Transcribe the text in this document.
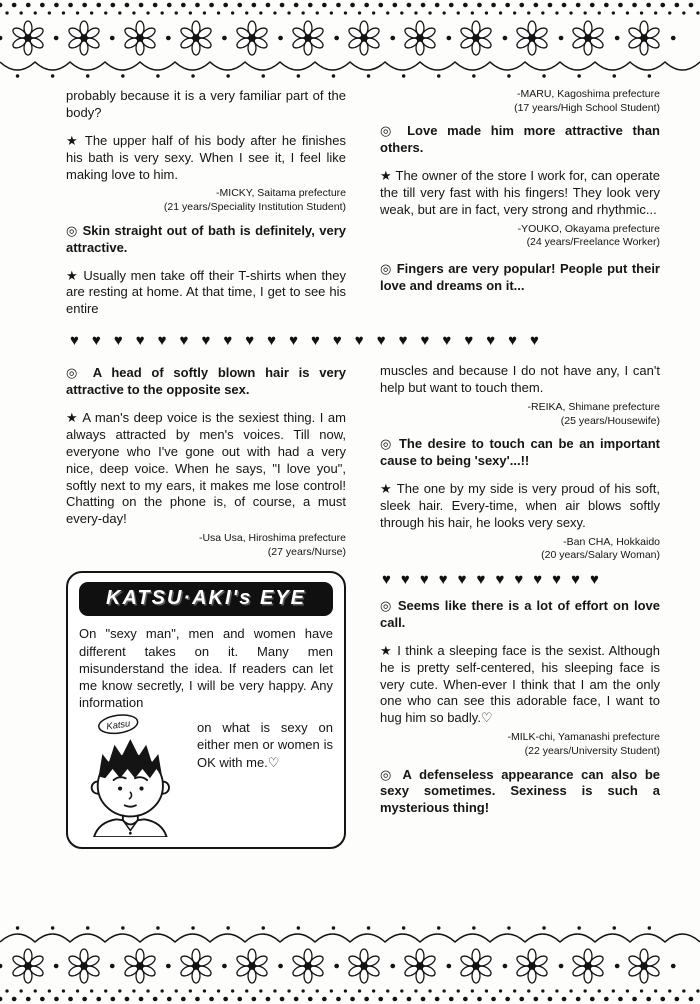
probably because it is a very familiar part of the body?

★ The upper half of his body after he finishes his bath is very sexy. When I see it, I feel like making love to him.

-MICKY, Saitama prefecture

(21 years/Speciality Institution Student)

◎ Skin straight out of bath is definitely, very attractive.

★ Usually men take off their T-shirts when they are resting at home. At that time, I get to see his entire

-MARU, Kagoshima prefecture

(17 years/High School Student)

◎ Love made him more attractive than others.

★ The owner of the store I work for, can operate the till very fast with his fingers! They look very weak, but are in fact, very strong and rhythmic...

-YOUKO, Okayama prefecture

(24 years/Freelance Worker)

◎ Fingers are very popular! People put their love and dreams on it...

♥♥♥♥♥♥♥♥♥♥♥♥♥♥♥♥♥♥♥♥♥♥

◎ A head of softly blown hair is very attractive to the opposite sex.

★ A man's deep voice is the sexiest thing. I am always attracted by men's voices. Till now, everyone who I've gone out with had a very nice, deep voice. When he says, "I love you", softly next to my ears, it makes me lose control! Chatting on the phone is, of course, a must every-day!

-Usa Usa, Hiroshima prefecture

(27 years/Nurse)

KATSU·AKI's EYE

On "sexy man", men and women have different takes on it. Many men misunderstand the idea. If readers can let me know secretly, I will be very happy. Any information

Katsu	on what is sexy on either men or women is OK with me.♡

muscles and because I do not have any, I can't help but want to touch them.

-REIKA, Shimane prefecture

(25 years/Housewife)

◎ The desire to touch can be an important cause to being 'sexy'...!!

★ The one by my side is very proud of his soft, sleek hair. Every-time, when air blows softly through his hair, he looks very sexy.

-Ban CHA, Hokkaido

(20 years/Salary Woman)

♥♥♥♥♥♥♥♥♥♥♥♥

◎ Seems like there is a lot of effort on love call.

★ I think a sleeping face is the sexist. Although he is pretty self-centered, his sleeping face is very cute. When-ever I think that I am the only one who can see this adorable face, I want to hug him so badly.♡

-MILK-chi, Yamanashi prefecture

(22 years/University Student)

◎ A defenseless appearance can also be sexy sometimes. Sexiness is such a mysterious thing!
